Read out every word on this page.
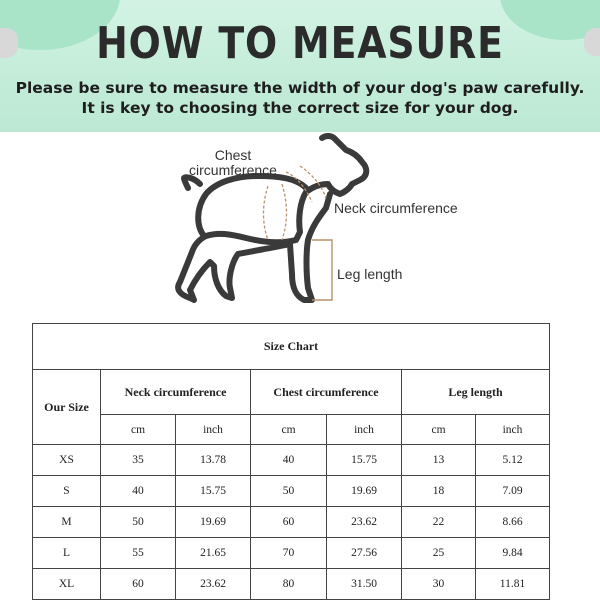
HOW TO MEASURE
Please be sure to measure the width of your dog's paw carefully.
It is key to choosing the correct size for your dog.
Chest
circumference
Neck circumference
Leg length
Size Chart						
Our Size	Neck circumference		Chest circumference		Leg length	
	cm	inch	cm	inch	cm	inch
XS	35	13.78	40	15.75	13	5.12
S	40	15.75	50	19.69	18	7.09
M	50	19.69	60	23.62	22	8.66
L	55	21.65	70	27.56	25	9.84
XL	60	23.62	80	31.50	30	11.81
